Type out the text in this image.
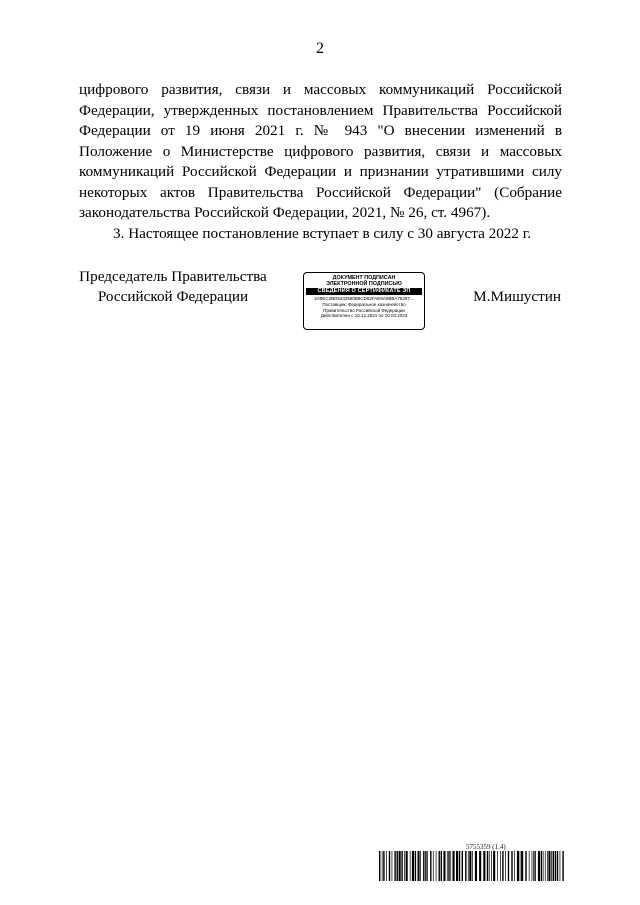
2

цифрового развития, связи и массовых коммуникаций Российской Федерации, утвержденных постановлением Правительства Российской Федерации от 19 июня 2021 г. № 943 "О внесении изменений в Положение о Министерстве цифрового развития, связи и массовых коммуникаций Российской Федерации и признании утратившими силу некоторых актов Правительства Российской Федерации" (Собрание законодательства Российской Федерации, 2021, № 26, ст. 4967).

3. Настоящее постановление вступает в силу с 30 августа 2022 г.

Председатель Правительства
Российской Федерации
ДОКУМЕНТ ПОДПИСАН
ЭЛЕКТРОННОЙ ПОДПИСЬЮ
СВЕДЕНИЯ О СЕРТИФИКАТЕ ЭП
2A9EC2BD5432580B8CD62FAE9A0BBA78297...
Поставщик: Федеральное казначейство
Правительство Российской Федерации
Действителен с 10.12.2021 по 10.03.2023
М.Мишустин
5755359 (1.4)
